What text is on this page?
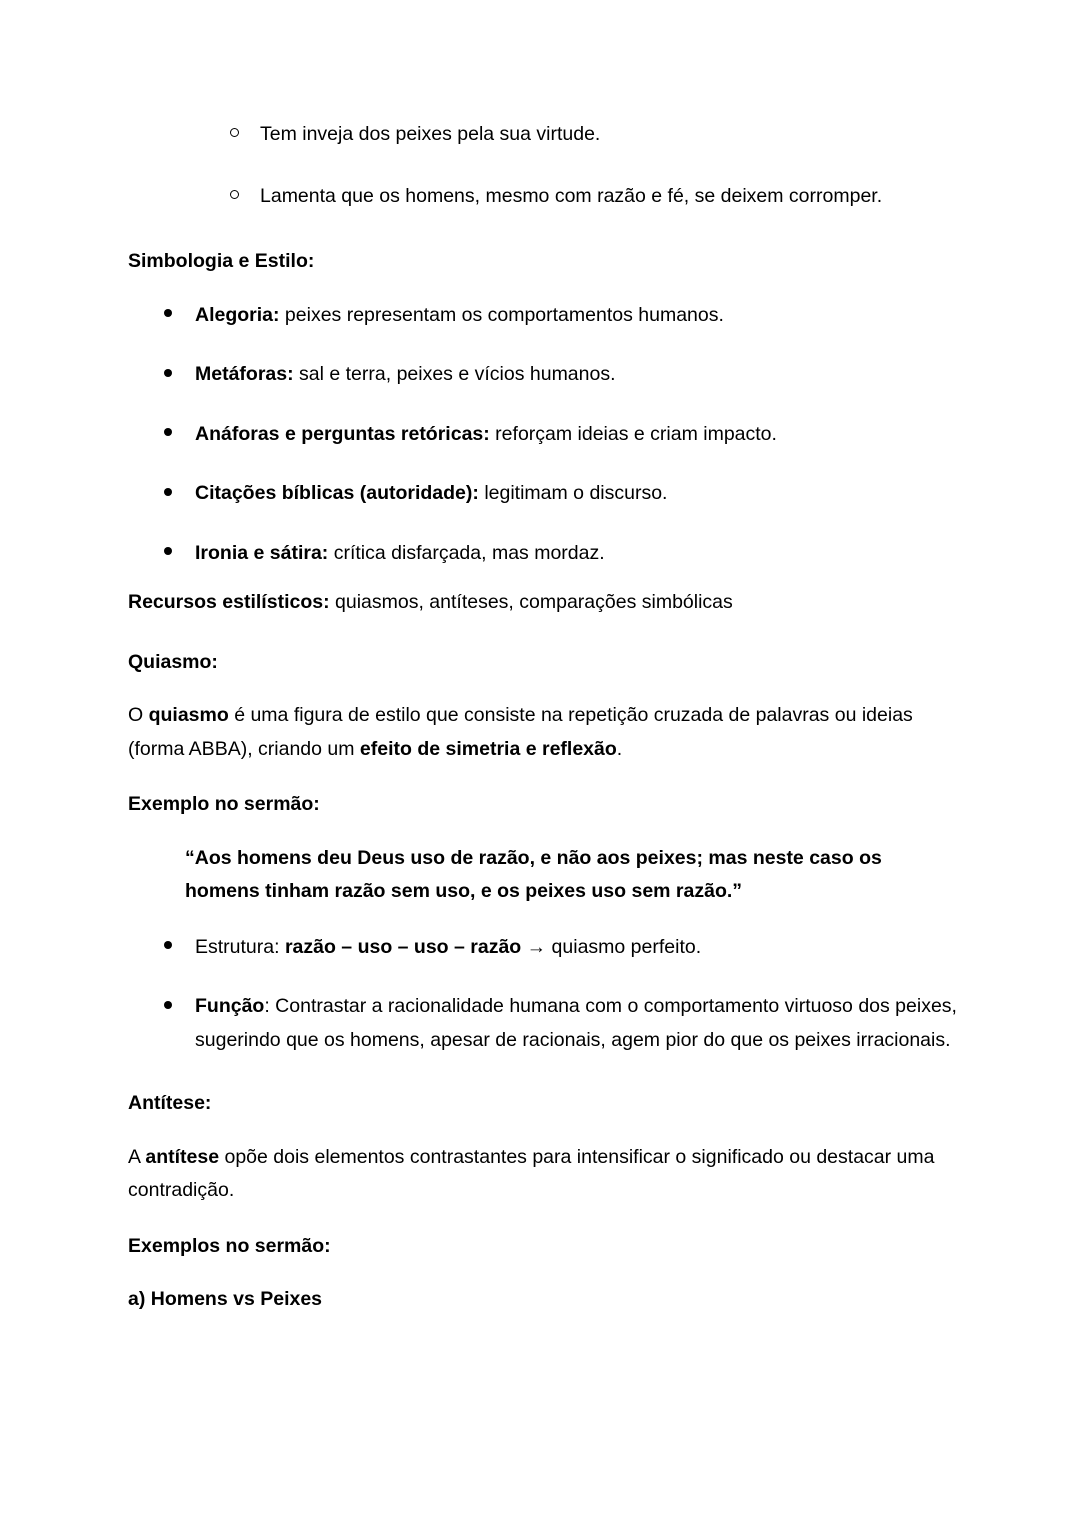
Tem inveja dos peixes pela sua virtude.
Lamenta que os homens, mesmo com razão e fé, se deixem corromper.
Simbologia e Estilo:
Alegoria: peixes representam os comportamentos humanos.
Metáforas: sal e terra, peixes e vícios humanos.
Anáforas e perguntas retóricas: reforçam ideias e criam impacto.
Citações bíblicas (autoridade): legitimam o discurso.
Ironia e sátira: crítica disfarçada, mas mordaz.

Recursos estilísticos: quiasmos, antíteses, comparações simbólicas

Quiasmo:

O quiasmo é uma figura de estilo que consiste na repetição cruzada de palavras ou ideias (forma ABBA), criando um efeito de simetria e reflexão.

Exemplo no sermão:
“Aos homens deu Deus uso de razão, e não aos peixes; mas neste caso os homens tinham razão sem uso, e os peixes uso sem razão.”
Estrutura: razão – uso – uso – razão → quiasmo perfeito.
Função: Contrastar a racionalidade humana com o comportamento virtuoso dos peixes, sugerindo que os homens, apesar de racionais, agem pior do que os peixes irracionais.
Antítese:

A antítese opõe dois elementos contrastantes para intensificar o significado ou destacar uma contradição.

Exemplos no sermão:
a) Homens vs Peixes
